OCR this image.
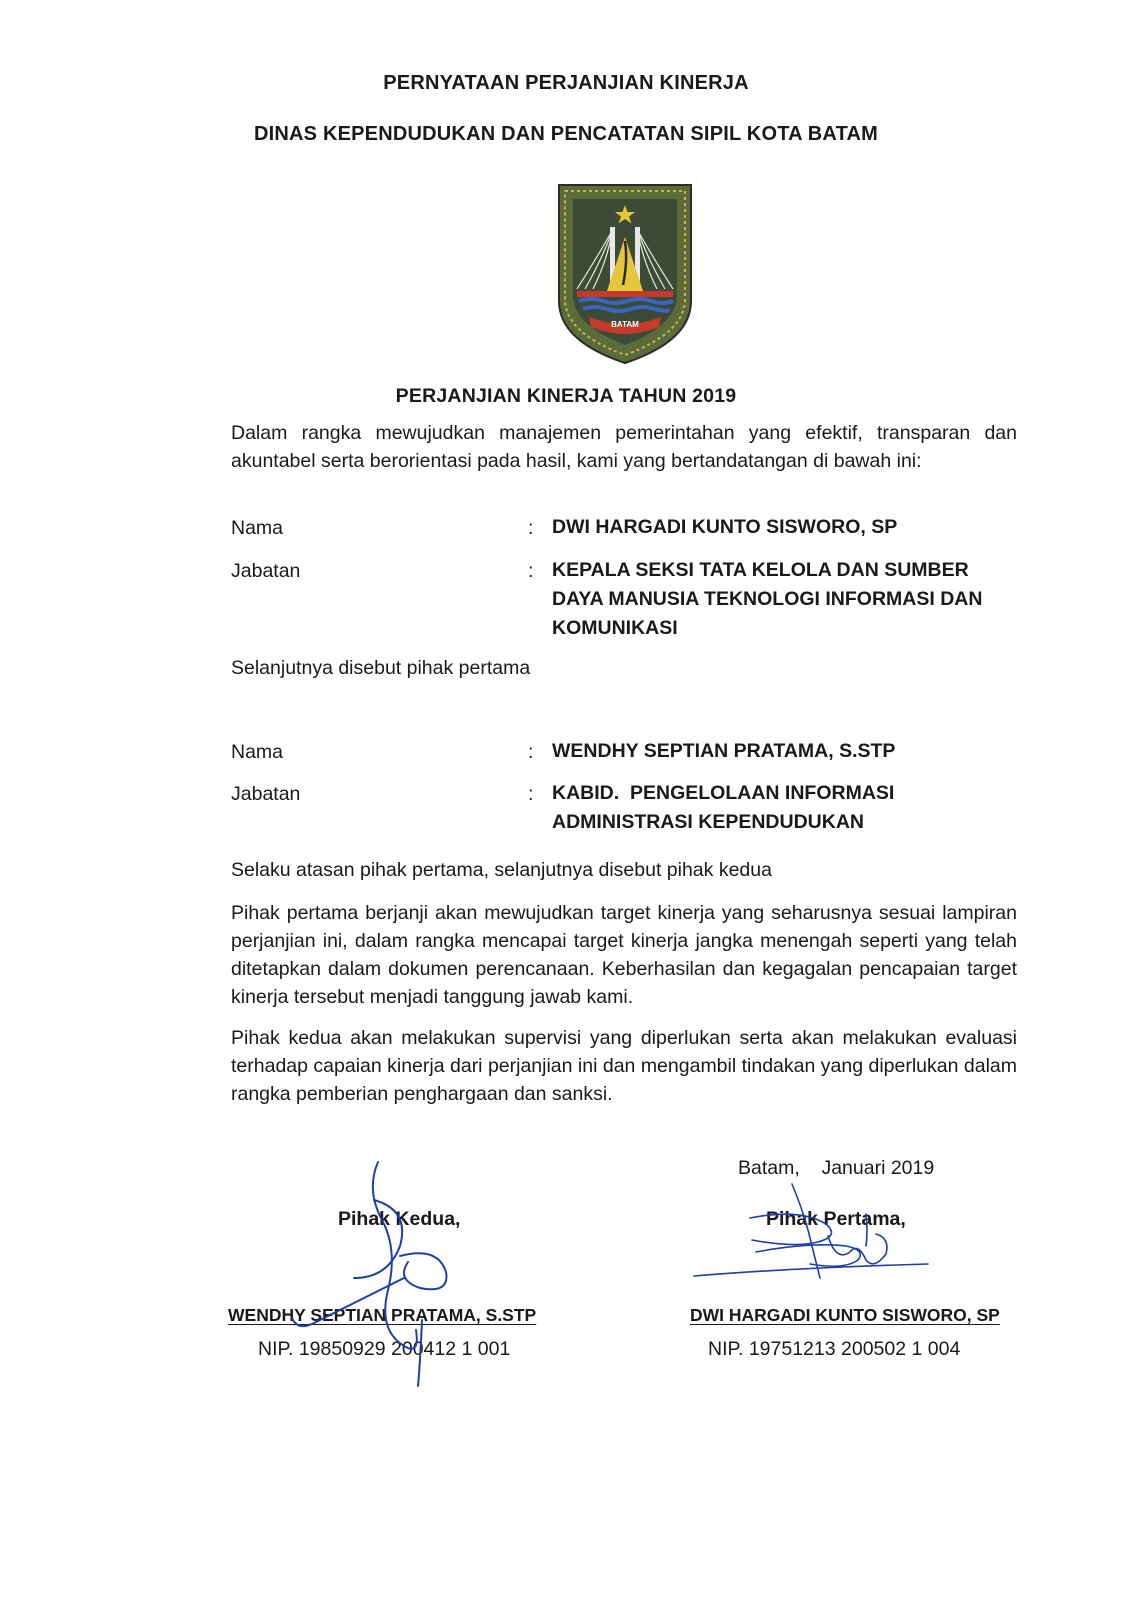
PERNYATAAN PERJANJIAN KINERJA
DINAS KEPENDUDUKAN DAN PENCATATAN SIPIL KOTA BATAM
BATAM
PERJANJIAN KINERJA TAHUN 2019
Dalam rangka mewujudkan manajemen pemerintahan yang efektif, transparan dan akuntabel serta berorientasi pada hasil, kami yang bertandatangan di bawah ini:
Nama	: DWI HARGADI KUNTO SISWORO, SP
Jabatan	: KEPALA SEKSI TATA KELOLA DAN SUMBER DAYA MANUSIA TEKNOLOGI INFORMASI DAN KOMUNIKASI
Selanjutnya disebut pihak pertama
Nama	: WENDHY SEPTIAN PRATAMA, S.STP
Jabatan	: KABID.  PENGELOLAAN INFORMASI ADMINISTRASI KEPENDUDUKAN
Selaku atasan pihak pertama, selanjutnya disebut pihak kedua
Pihak pertama berjanji akan mewujudkan target kinerja yang seharusnya sesuai lampiran perjanjian ini, dalam rangka mencapai target kinerja jangka menengah seperti yang telah ditetapkan dalam dokumen perencanaan. Keberhasilan dan kegagalan pencapaian target kinerja tersebut menjadi tanggung jawab kami.
Pihak kedua akan melakukan supervisi yang diperlukan serta akan melakukan evaluasi terhadap capaian kinerja dari perjanjian ini dan mengambil tindakan yang diperlukan dalam rangka pemberian penghargaan dan sanksi.
Batam,    Januari 2019
Pihak Kedua,
WENDHY SEPTIAN PRATAMA, S.STP
NIP. 19850929 200412 1 001
Pihak Pertama,
DWI HARGADI KUNTO SISWORO, SP
NIP. 19751213 200502 1 004
